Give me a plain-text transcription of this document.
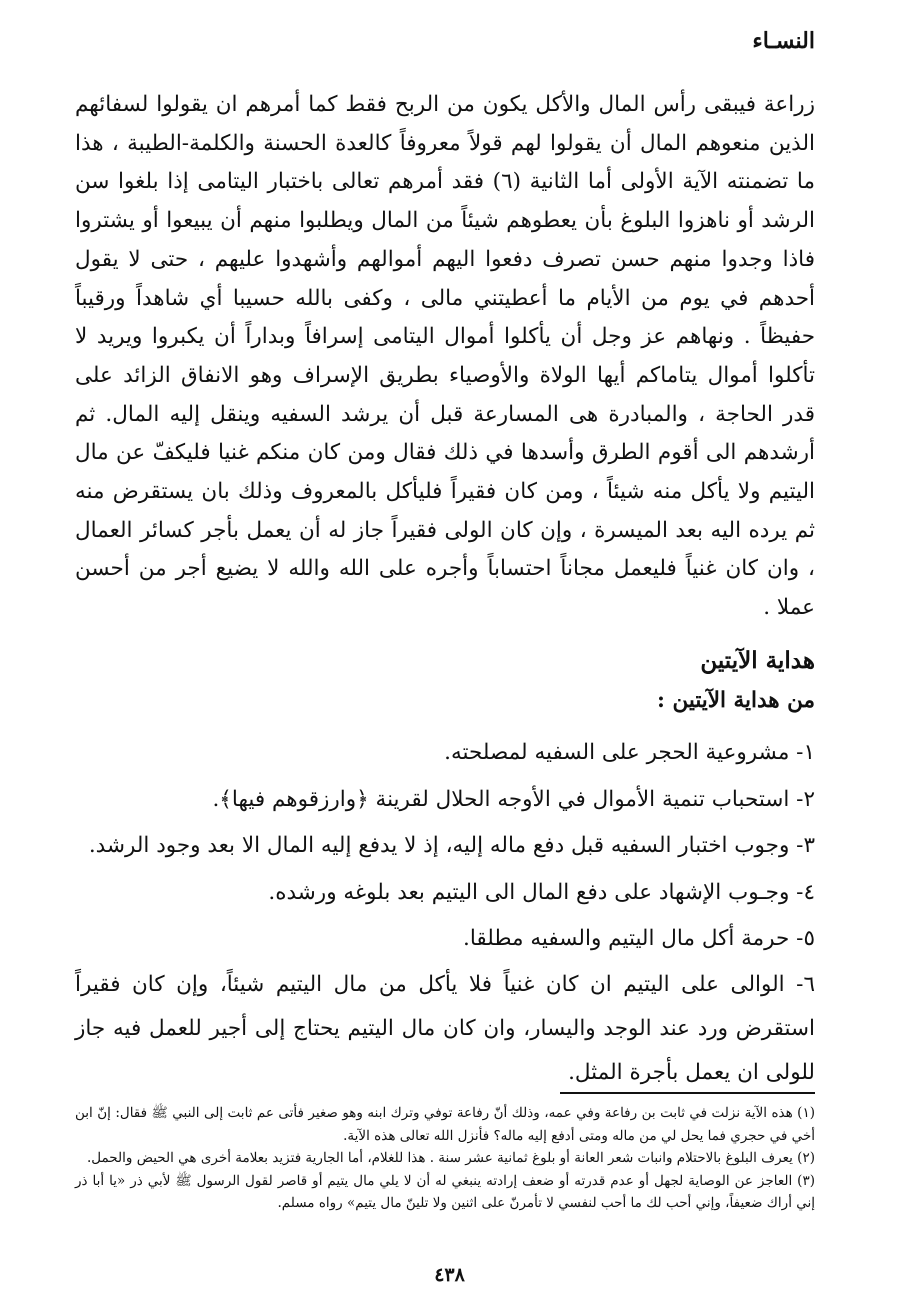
النسـاء

زراعة فيبقى رأس المال والأكل يكون من الربح فقط كما أمرهم ان يقولوا لسفائهم الذين منعوهم المال أن يقولوا لهم قولاً معروفاً كالعدة الحسنة والكلمة-الطيبة ، هذا ما تضمنته الآية الأولى أما الثانية (٦) فقد أمرهم تعالى باختبار اليتامى إذا بلغوا سن الرشد أو ناهزوا البلوغ بأن يعطوهم شيئاً من المال ويطلبوا منهم أن يبيعوا أو يشتروا فاذا وجدوا منهم حسن تصرف دفعوا اليهم أموالهم وأشهدوا عليهم ، حتى لا يقول أحدهم في يوم من الأيام ما أعطيتني مالى ، وكفى بالله حسيبا أي شاهداً ورقيباً حفيظاً . ونهاهم عز وجل أن يأكلوا أموال اليتامى إسرافاً وبداراً أن يكبروا ويريد لا تأكلوا أموال يتاماكم أيها الولاة والأوصياء بطريق الإسراف وهو الانفاق الزائد على قدر الحاجة ، والمبادرة هى المسارعة قبل أن يرشد السفيه وينقل إليه المال. ثم أرشدهم الى أقوم الطرق وأسدها في ذلك فقال ومن كان منكم غنيا فليكفّ عن مال اليتيم ولا يأكل منه شيئاً ، ومن كان فقيراً فليأكل بالمعروف وذلك بان يستقرض منه ثم يرده اليه بعد الميسرة ، وإن كان الولى فقيراً جاز له أن يعمل بأجر كسائر العمال ، وان كان غنياً فليعمل مجاناً احتساباً وأجره على الله والله لا يضيع أجر من أحسن عملا .

هداية الآيتين
من هداية الآيتين :
١- مشروعية الحجر على السفيه لمصلحته.
٢- استحباب تنمية الأموال في الأوجه الحلال لقرينة ﴿وارزقوهم فيها﴾.
٣- وجوب اختبار السفيه قبل دفع ماله إليه، إذ لا يدفع إليه المال الا بعد وجود الرشد.
٤- وجـوب الإشهاد على دفع المال الى اليتيم بعد بلوغه ورشده.
٥- حرمة أكل مال اليتيم والسفيه مطلقا.
٦- الوالى على اليتيم ان كان غنياً فلا يأكل من مال اليتيم شيئاً، وإن كان فقيراً استقرض ورد عند الوجد واليسار، وان كان مال اليتيم يحتاج إلى أجير للعمل فيه جاز للولى ان يعمل بأجرة المثل.

(١) هذه الآية نزلت في ثابت بن رفاعة وفي عمه، وذلك أنّ رفاعة توفي وترك ابنه وهو صغير فأتى عم ثابت إلى النبي ﷺ فقال: إنّ ابن أخي في حجري فما يحل لي من ماله ومتى أدفع إليه ماله؟ فأنزل الله تعالى هذه الآية.

(٢) يعرف البلوغ بالاحتلام وانبات شعر العانة أو بلوغ ثمانية عشر سنة . هذا للغلام، أما الجارية فتزيد بعلامة أخرى هي الحيض والحمل.

(٣) العاجز عن الوصاية لجهل أو عدم قدرته أو ضعف إرادته ينبغي له أن لا يلي مال يتيم أو قاصر لقول الرسول ﷺ لأبي ذر «يا أبا ذر إني أراك ضعيفاً، وإني أحب لك ما أحب لنفسي لا تأمرنّ على اثنين ولا تلينّ مال يتيم» رواه مسلم.

٤٣٨
